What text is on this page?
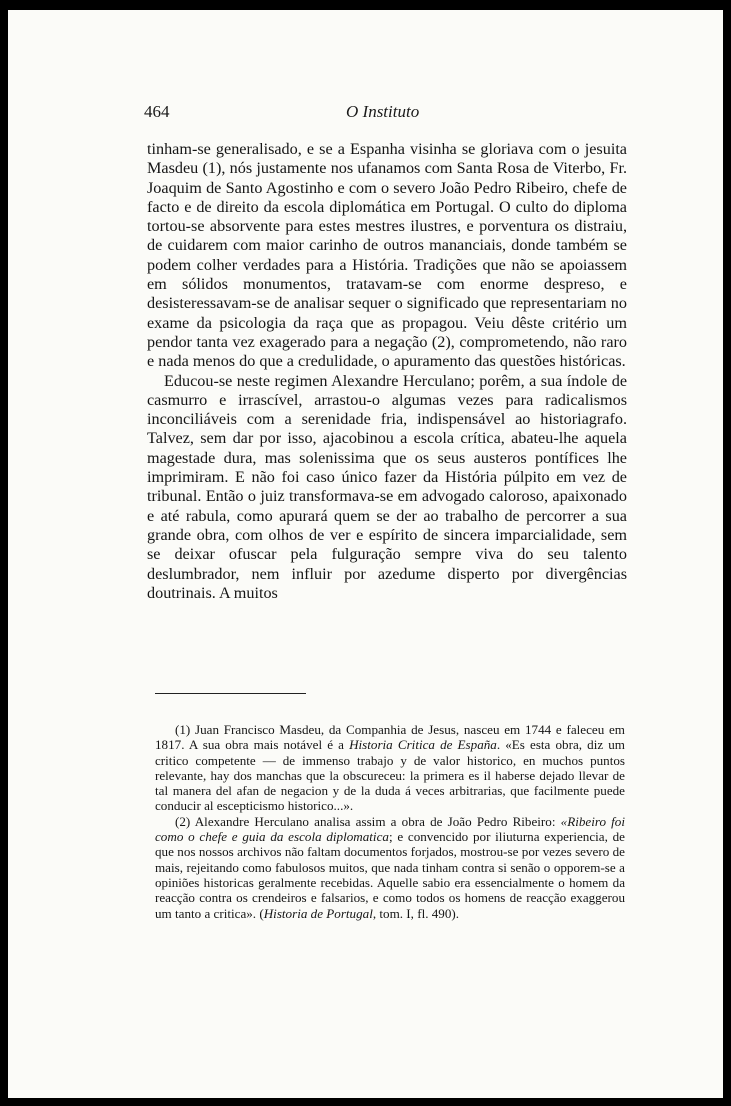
464	O Instituto

tinham-se generalisado, e se a Espanha visinha se gloriava com o jesuita Masdeu (1), nós justamente nos ufanamos com Santa Rosa de Viterbo, Fr. Joaquim de Santo Agostinho e com o severo João Pedro Ribeiro, chefe de facto e de direito da escola diplomática em Portugal. O culto do diploma tortou-se absorvente para estes mestres ilustres, e porventura os distraiu, de cuidarem com maior carinho de outros mananciais, donde também se podem colher verdades para a História. Tradições que não se apoiassem em sólidos monumentos, tratavam-se com enorme despreso, e desisteressavam-se de analisar sequer o significado que representariam no exame da psicologia da raça que as propagou. Veiu dêste critério um pendor tanta vez exagerado para a negação (2), comprometendo, não raro e nada menos do que a credulidade, o apuramento das questões históricas.

Educou-se neste regimen Alexandre Herculano; porêm, a sua índole de casmurro e irrascível, arrastou-o algumas vezes para radicalismos inconciliáveis com a serenidade fria, indispensável ao historiagrafo. Talvez, sem dar por isso, ajacobinou a escola crítica, abateu-lhe aquela magestade dura, mas solenissima que os seus austeros pontífices lhe imprimiram. E não foi caso único fazer da História púlpito em vez de tribunal. Então o juiz transformava-se em advogado caloroso, apaixonado e até rabula, como apurará quem se der ao trabalho de percorrer a sua grande obra, com olhos de ver e espírito de sincera imparcialidade, sem se deixar ofuscar pela fulguração sempre viva do seu talento deslumbrador, nem influir por azedume disperto por divergências doutrinais. A muitos

(1) Juan Francisco Masdeu, da Companhia de Jesus, nasceu em 1744 e faleceu em 1817. A sua obra mais notável é a Historia Critica de España. «Es esta obra, diz um critico competente — de immenso trabajo y de valor historico, en muchos puntos relevante, hay dos manchas que la obscureceu: la primera es il haberse dejado llevar de tal manera del afan de negacion y de la duda á veces arbitrarias, que facilmente puede conducir al escepticismo historico...».

(2) Alexandre Herculano analisa assim a obra de João Pedro Ribeiro: «Ribeiro foi como o chefe e guia da escola diplomatica; e convencido por iliuturna experiencia, de que nos nossos archivos não faltam documentos forjados, mostrou-se por vezes severo de mais, rejeitando como fabulosos muitos, que nada tinham contra si senão o opporem-se a opiniões historicas geralmente recebidas. Aquelle sabio era essencialmente o homem da reacção contra os crendeiros e falsarios, e como todos os homens de reacção exaggerou um tanto a critica». (Historia de Portugal, tom. I, fl. 490).
